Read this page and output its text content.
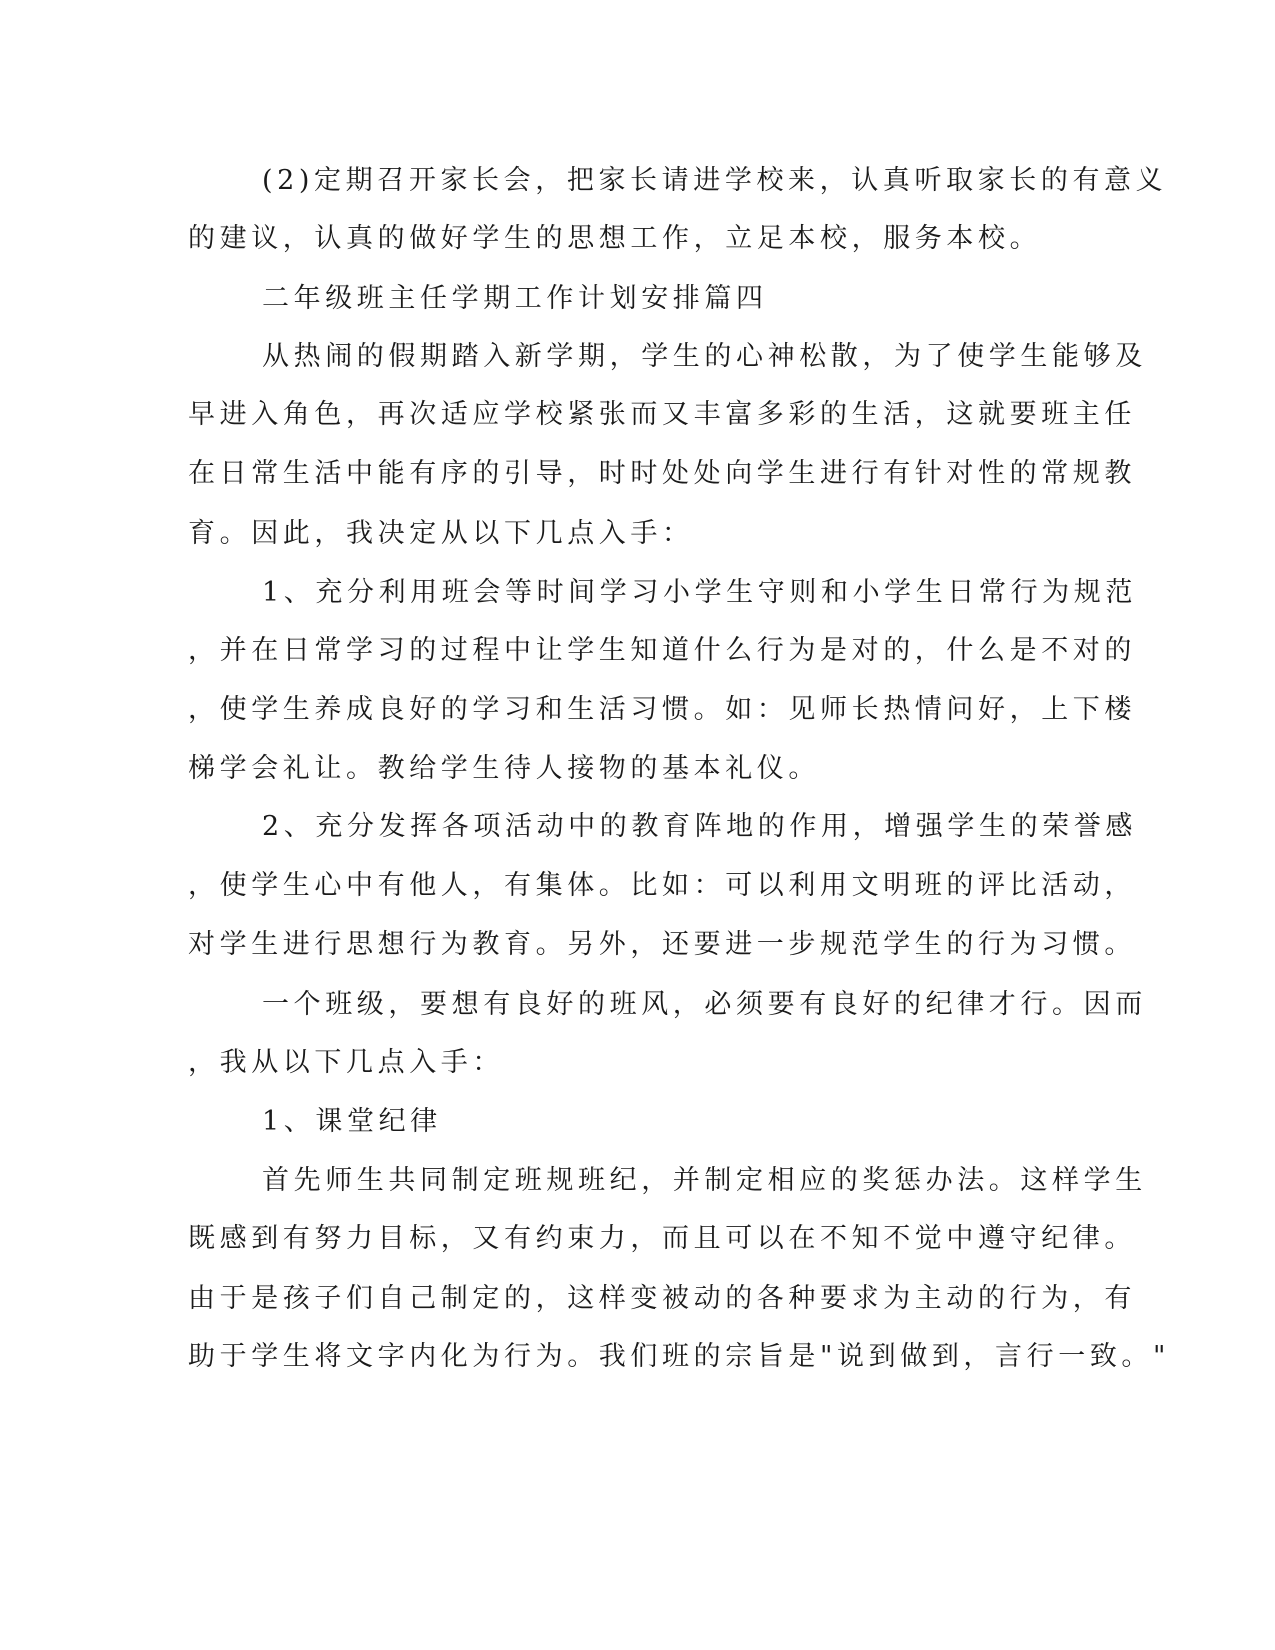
(2)定期召开家长会，把家长请进学校来，认真听取家长的有意义
的建议，认真的做好学生的思想工作，立足本校，服务本校。
二年级班主任学期工作计划安排篇四
从热闹的假期踏入新学期，学生的心神松散，为了使学生能够及
早进入角色，再次适应学校紧张而又丰富多彩的生活，这就要班主任
在日常生活中能有序的引导，时时处处向学生进行有针对性的常规教
育。因此，我决定从以下几点入手：
1、充分利用班会等时间学习小学生守则和小学生日常行为规范
，并在日常学习的过程中让学生知道什么行为是对的，什么是不对的
，使学生养成良好的学习和生活习惯。如：见师长热情问好，上下楼
梯学会礼让。教给学生待人接物的基本礼仪。
2、充分发挥各项活动中的教育阵地的作用，增强学生的荣誉感
，使学生心中有他人，有集体。比如：可以利用文明班的评比活动，
对学生进行思想行为教育。另外，还要进一步规范学生的行为习惯。
一个班级，要想有良好的班风，必须要有良好的纪律才行。因而
，我从以下几点入手：
1、课堂纪律
首先师生共同制定班规班纪，并制定相应的奖惩办法。这样学生
既感到有努力目标，又有约束力，而且可以在不知不觉中遵守纪律。
由于是孩子们自己制定的，这样变被动的各种要求为主动的行为，有
助于学生将文字内化为行为。我们班的宗旨是"说到做到，言行一致。"
